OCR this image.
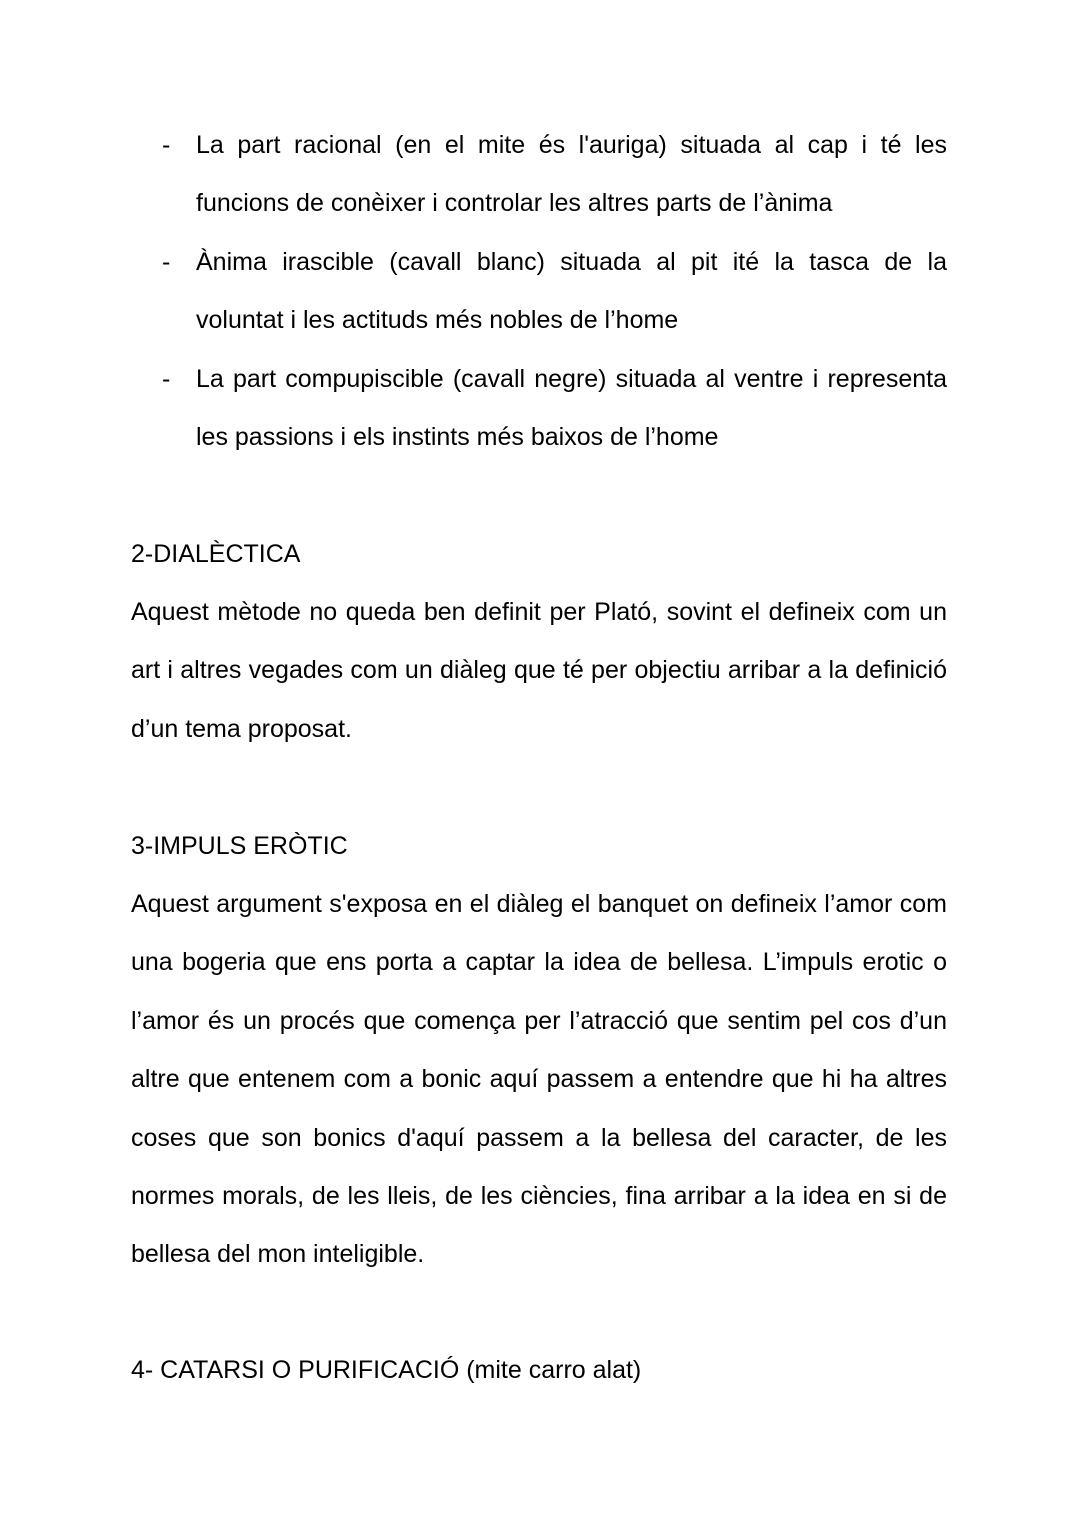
- La part racional (en el mite és l'auriga) situada al cap i té les funcions de conèixer i controlar les altres parts de l’ànima
- Ànima irascible (cavall blanc) situada al pit ité la tasca de la voluntat i les actituds més nobles de l’home
- La part compupiscible (cavall negre) situada al ventre i representa les passions i els instints més baixos de l’home
2-DIALÈCTICA

Aquest mètode no queda ben definit per Plató, sovint el defineix com un art i altres vegades com un diàleg que té per objectiu arribar a la definició d’un tema proposat.

3-IMPULS ERÒTIC

Aquest argument s'exposa en el diàleg el banquet on defineix l’amor com una bogeria que ens porta a captar la idea de bellesa. L’impuls erotic o l’amor és un procés que comença per l’atracció que sentim pel cos d’un altre que entenem com a bonic aquí passem a entendre que hi ha altres coses que son bonics d'aquí passem a la bellesa del caracter, de les normes morals, de les lleis, de les ciències, fina arribar a la idea en si de bellesa del mon inteligible.

4- CATARSI O PURIFICACIÓ (mite carro alat)
